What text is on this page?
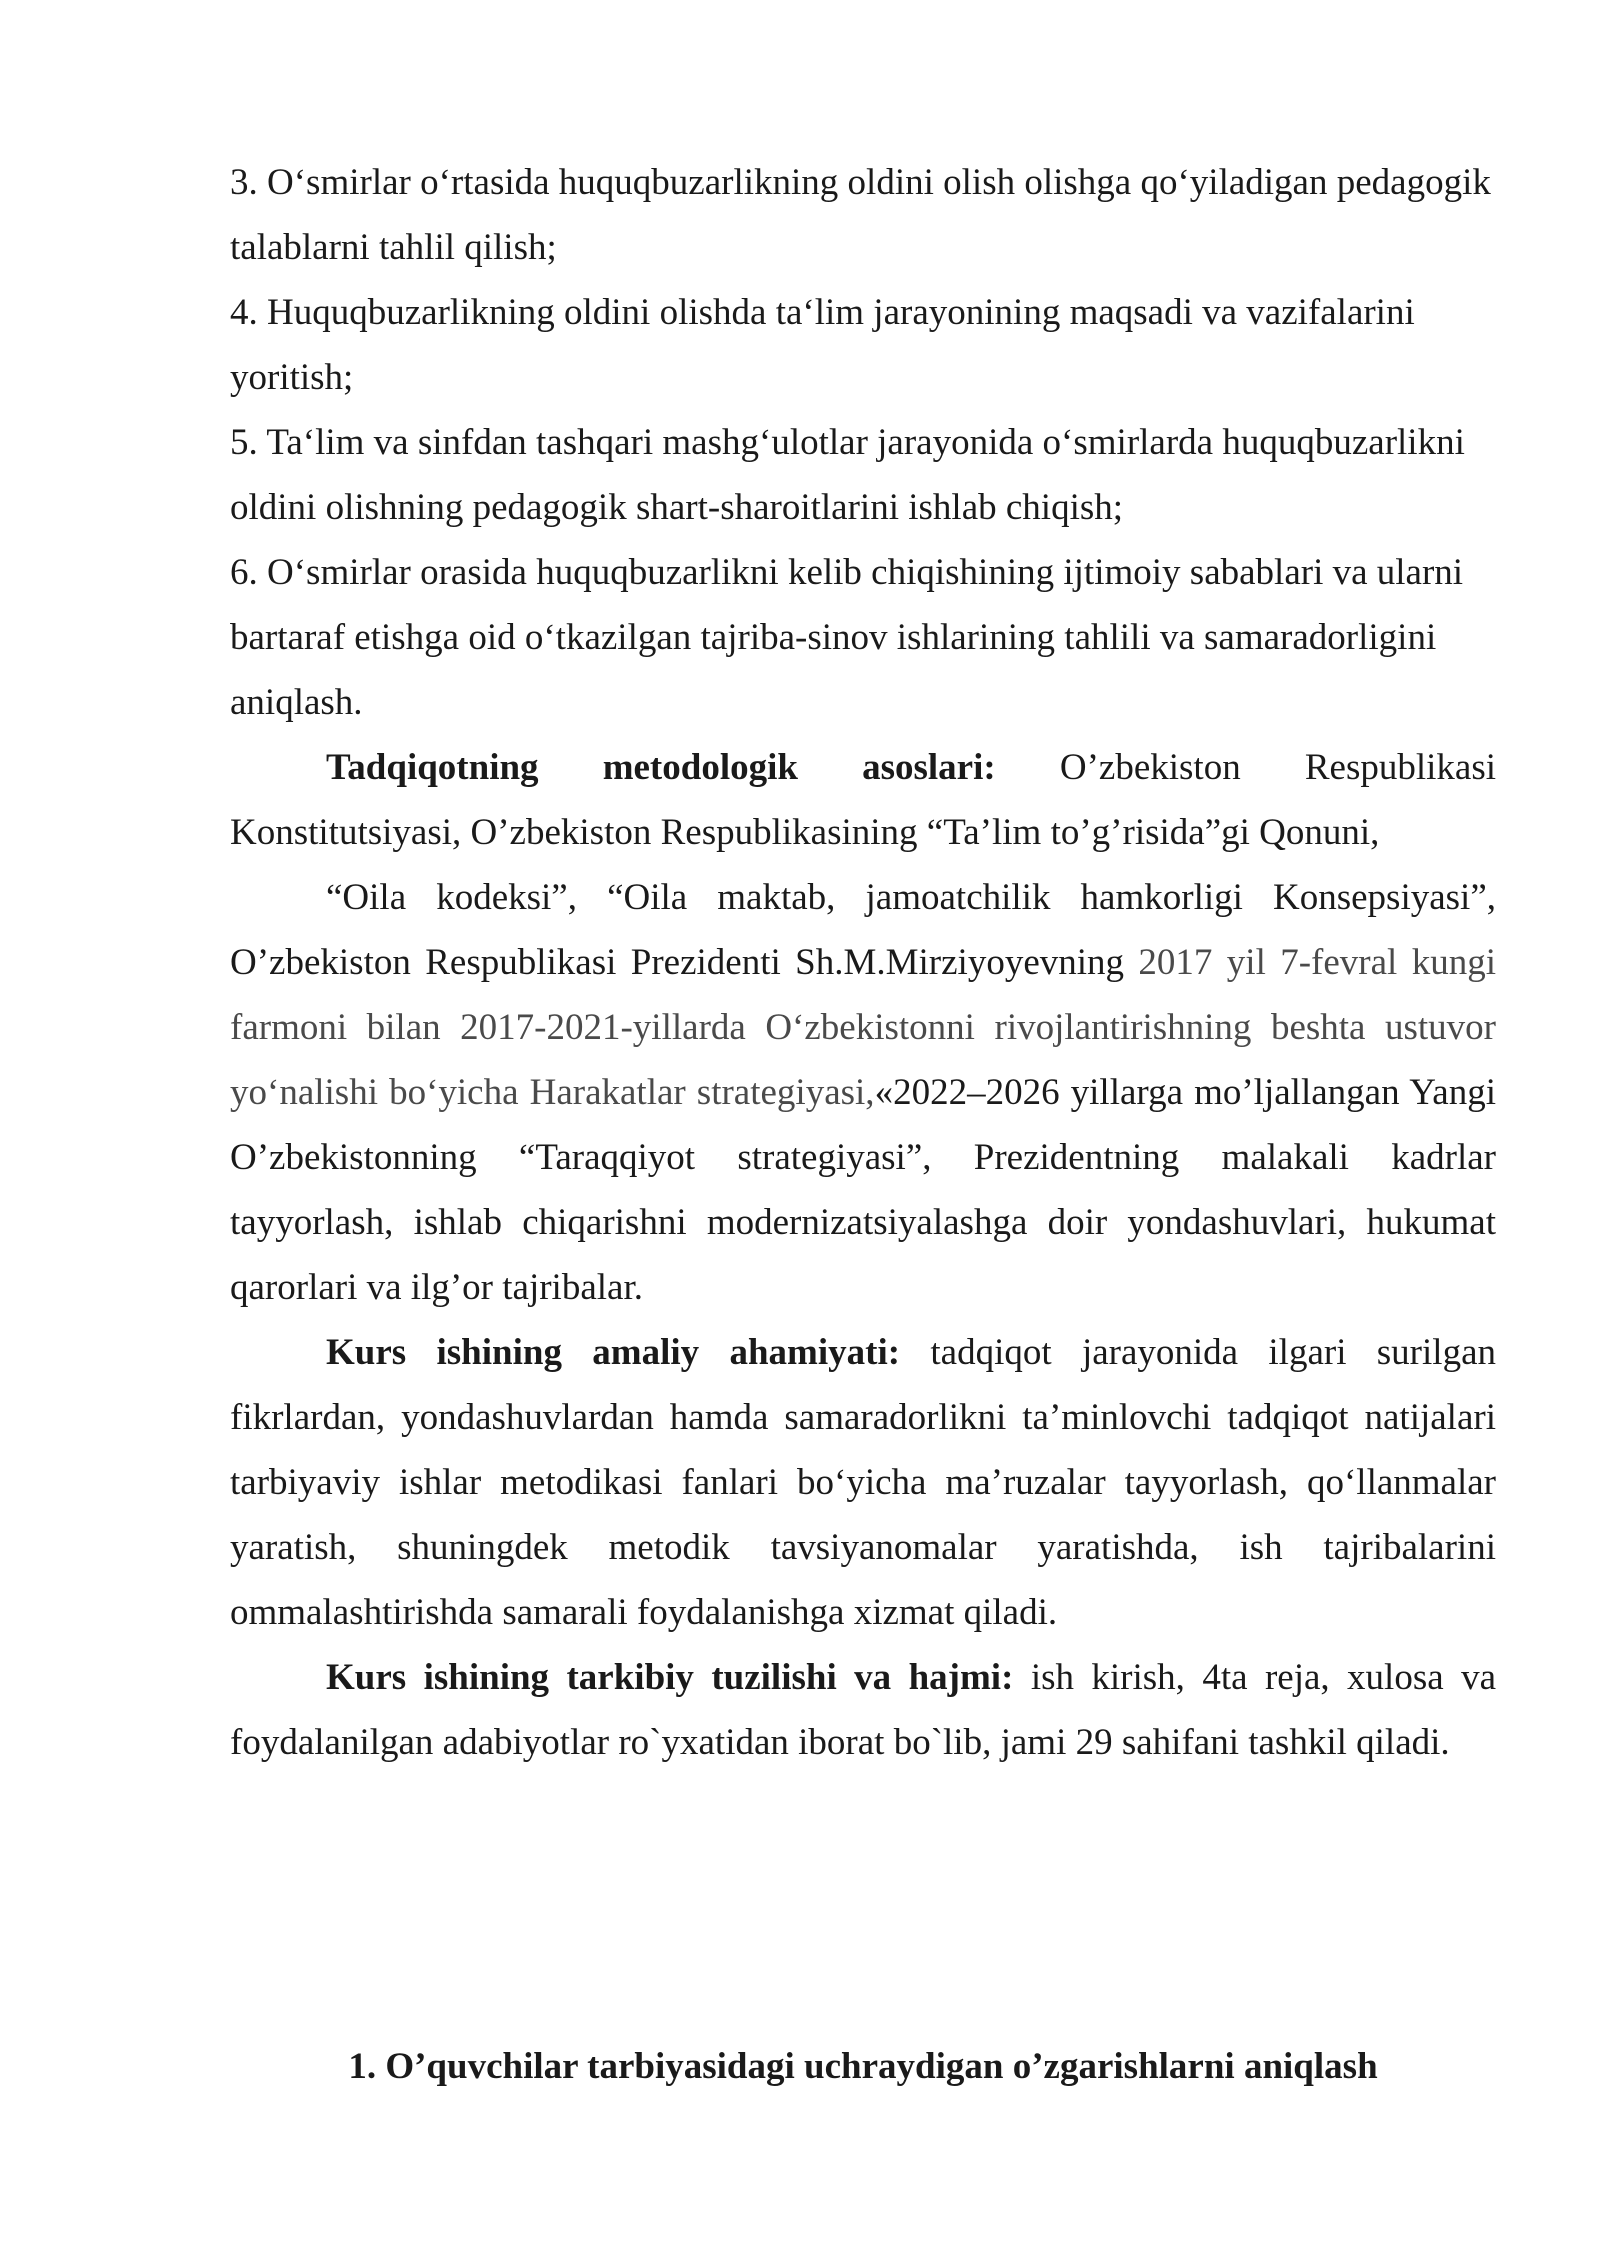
3. O‘smirlar o‘rtasida huquqbuzarlikning oldini olish olishga qo‘yiladigan pedagogik talablarni tahlil qilish;

4. Huquqbuzarlikning oldini olishda ta‘lim jarayonining maqsadi va vazifalarini yoritish;

5. Ta‘lim va sinfdan tashqari mashg‘ulotlar jarayonida o‘smirlarda huquqbuzarlikni oldini olishning pedagogik shart-sharoitlarini ishlab chiqish;

6. O‘smirlar orasida huquqbuzarlikni kelib chiqishining ijtimoiy sabablari va ularni bartaraf etishga oid o‘tkazilgan tajriba-sinov ishlarining tahlili va samaradorligini aniqlash.

Tadqiqotning metodologik asoslari: O’zbekiston Respublikasi Konstitutsiyasi, O’zbekiston Respublikasining “Ta’lim to’g’risida”gi Qonuni,

“Oila kodeksi”, “Oila maktab, jamoatchilik hamkorligi Konsepsiyasi”, O’zbekiston Respublikasi Prezidenti Sh.M.Mirziyoyevning 2017 yil 7-fevral kungi farmoni bilan 2017-2021-yillarda O‘zbekistonni rivojlantirishning beshta ustuvor yo‘nalishi bo‘yicha Harakatlar strategiyasi,«2022–2026 yillarga mo’ljallangan Yangi O’zbekistonning “Taraqqiyot strategiyasi”, Prezidentning malakali kadrlar tayyorlash, ishlab chiqarishni modernizatsiyalashga doir yondashuvlari, hukumat qarorlari va ilg’or tajribalar.

Kurs ishining amaliy ahamiyati: tadqiqot jarayonida ilgari surilgan fikrlardan, yondashuvlardan hamda samaradorlikni ta’minlovchi tadqiqot natijalari tarbiyaviy ishlar metodikasi fanlari bo‘yicha ma’ruzalar tayyorlash, qo‘llanmalar yaratish, shuningdek metodik tavsiyanomalar yaratishda, ish tajribalarini ommalashtirishda samarali foydalanishga xizmat qiladi.

Kurs ishining tarkibiy tuzilishi va hajmi: ish kirish, 4ta reja, xulosa va foydalanilgan adabiyotlar ro`yxatidan iborat bo`lib, jami 29 sahifani tashkil qiladi.

1. O’quvchilar tarbiyasidagi uchraydigan o’zgarishlarni aniqlash
